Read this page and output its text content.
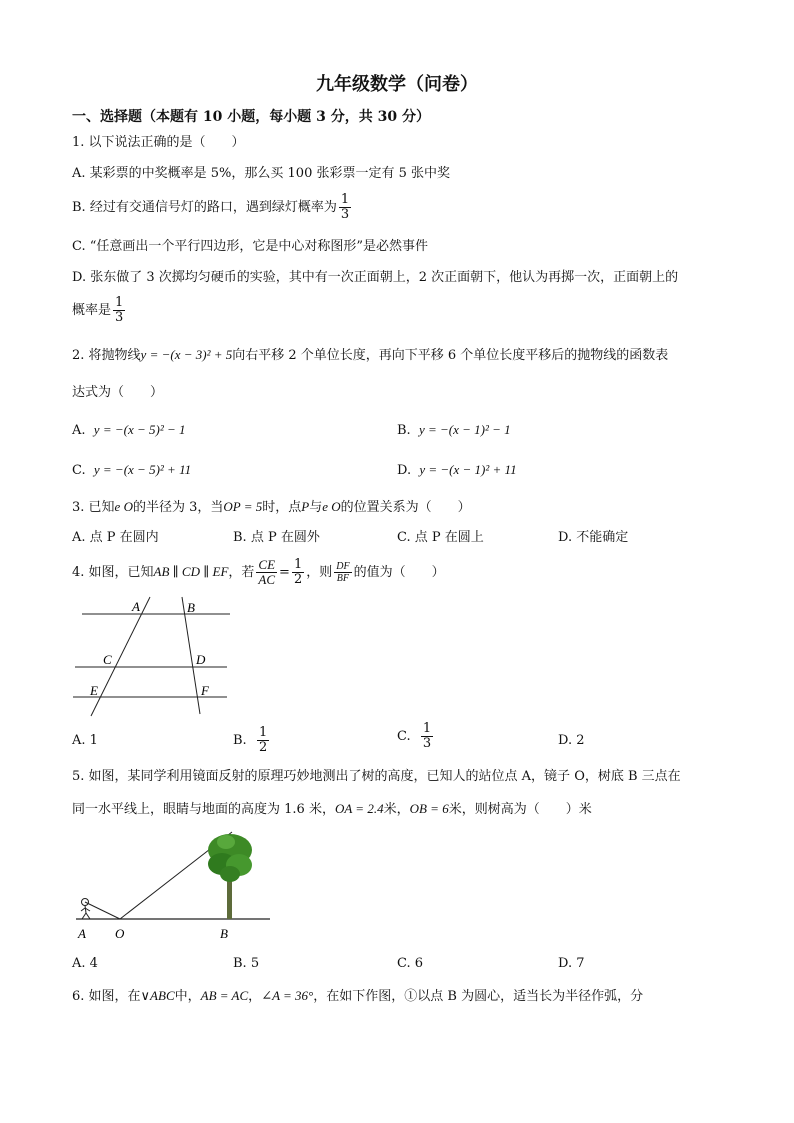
九年级数学（问卷）
一、选择题（本题有 10 小题，每小题 3 分，共 30 分）
1. 以下说法正确的是（　　）
A. 某彩票的中奖概率是 5%，那么买 100 张彩票一定有 5 张中奖
B. 经过有交通信号灯的路口，遇到绿灯概率为 $\frac{1}{3}$
C. “任意画出一个平行四边形，它是中心对称图形”是必然事件
D. 张东做了 3 次掷均匀硬币的实验，其中有一次正面朝上，2 次正面朝下，他认为再掷一次，正面朝上的
概率是 $\frac{1}{3}$
2. 将抛物线y = −(x − 3)² + 5向右平移 2 个单位长度，再向下平移 6 个单位长度平移后的抛物线的函数表
达式为（　　）
A. y = −(x − 5)² − 1	B. y = −(x − 1)² − 1
C. y = −(x − 5)² + 11	D. y = −(x − 1)² + 11
3. 已知e O的半径为 3，当OP = 5时，点P与e O的位置关系为（　　）
A. 点 P 在圆内	B. 点 P 在圆外	C. 点 P 在圆上	D. 不能确定
4. 如图，已知AB ∥ CD ∥ EF，若 $\frac{CE}{AC} = \frac{1}{2}$ ，则 $\frac{DF}{BF}$ 的值为（　　）
A	B
C	D
E	F
A. 1	B. $\frac{1}{2}$	C. $\frac{1}{3}$	D. 2
5. 如图，某同学利用镜面反射的原理巧妙地测出了树的高度，已知人的站位点 A，镜子 O，树底 B 三点在
同一水平线上，眼睛与地面的高度为 1.6 米，OA = 2.4米，OB = 6米，则树高为（　　）米
A O	B
A. 4	B. 5	C. 6	D. 7
6. 如图，在∨ABC中，AB = AC，∠A = 36°，在如下作图，①以点 B 为圆心，适当长为半径作弧，分
